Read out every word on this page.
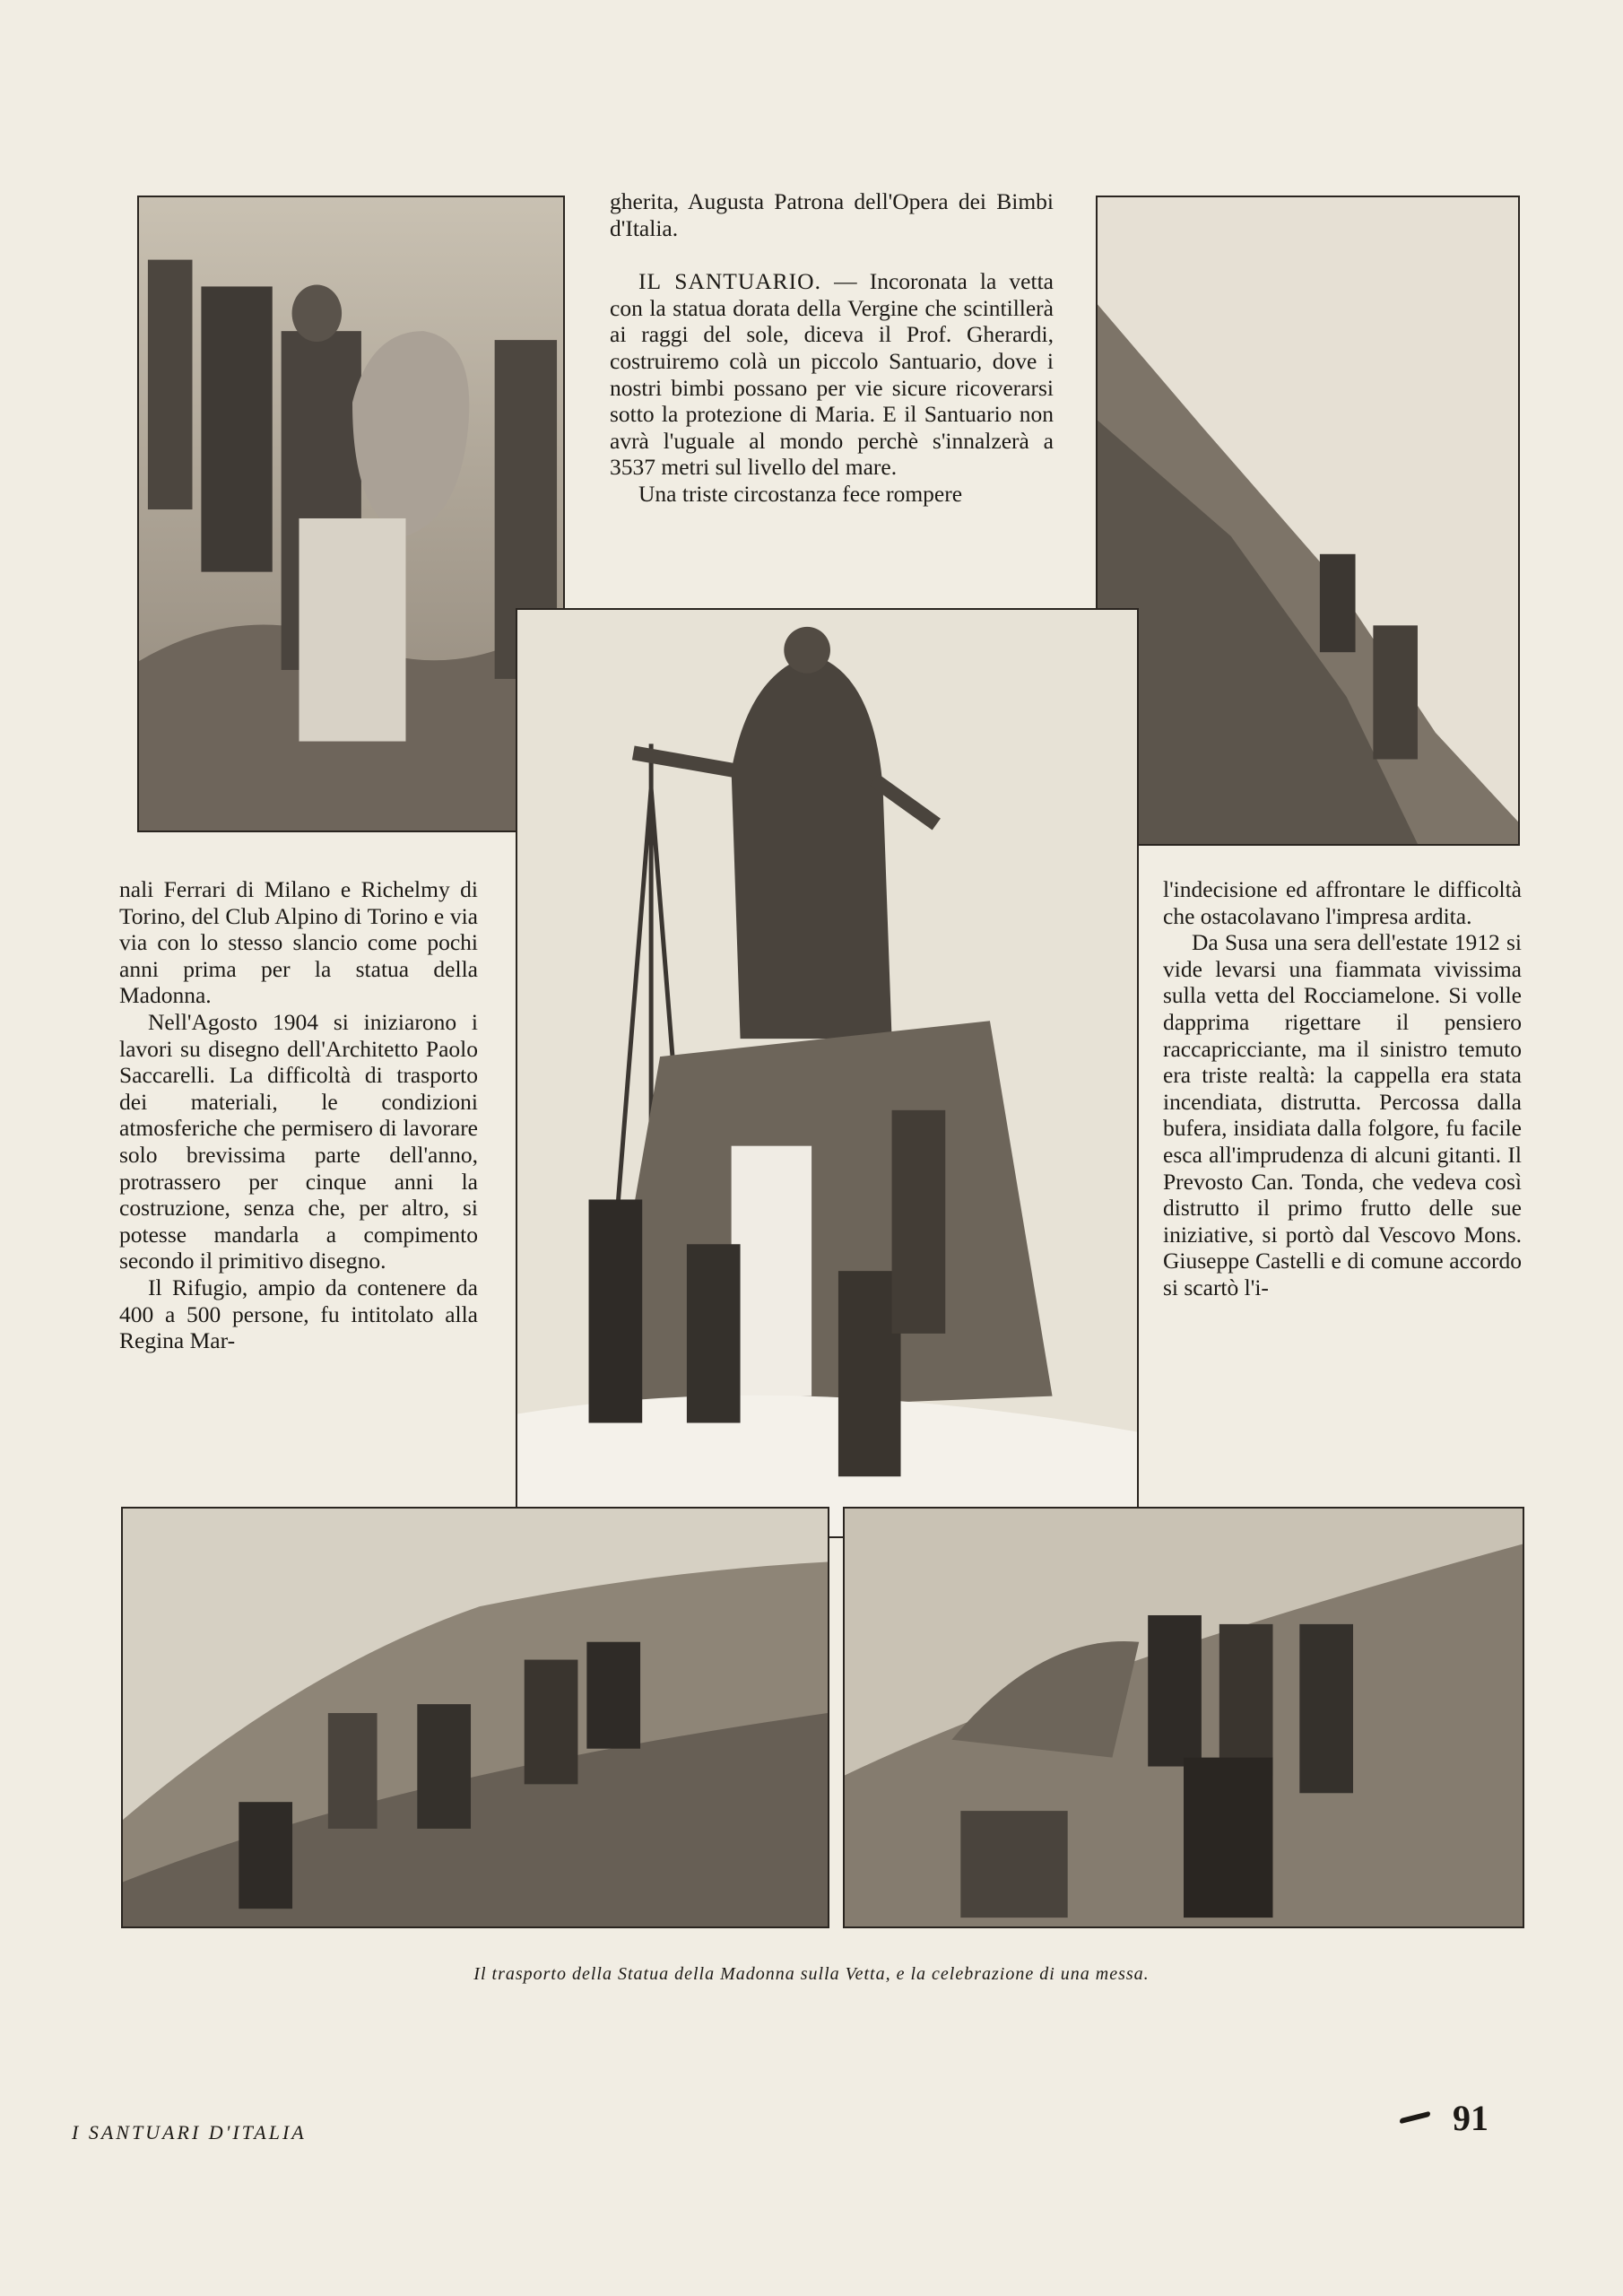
gherita, Augusta Patrona dell'Opera dei Bimbi d'Italia.

IL SANTUARIO. — Incoronata la vetta con la statua dorata della Vergine che scintillerà ai raggi del sole, diceva il Prof. Gherardi, costruiremo colà un piccolo Santuario, dove i nostri bimbi possano per vie sicure ricoverarsi sotto la protezione di Maria. E il Santuario non avrà l'uguale al mondo perchè s'innalzerà a 3537 metri sul livello del mare.

Una triste circostanza fece rompere

nali Ferrari di Milano e Richelmy di Torino, del Club Alpino di Torino e via via con lo stesso slancio come pochi anni prima per la statua della Madonna.

Nell'Agosto 1904 si iniziarono i lavori su disegno dell'Architetto Paolo Saccarelli. La difficoltà di trasporto dei materiali, le condizioni atmosferiche che permisero di lavorare solo brevissima parte dell'anno, protrassero per cinque anni la costruzione, senza che, per altro, si potesse mandarla a compimento secondo il primitivo disegno.

Il Rifugio, ampio da contenere da 400 a 500 persone, fu intitolato alla Regina Mar-

l'indecisione ed affrontare le difficoltà che ostacolavano l'impresa ardita.

Da Susa una sera dell'estate 1912 si vide levarsi una fiammata vivissima sulla vetta del Rocciamelone. Si volle dapprima rigettare il pensiero raccapricciante, ma il sinistro temuto era triste realtà: la cappella era stata incendiata, distrutta. Percossa dalla bufera, insidiata dalla folgore, fu facile esca all'imprudenza di alcuni gitanti. Il Prevosto Can. Tonda, che vedeva così distrutto il primo frutto delle sue iniziative, si portò dal Vescovo Mons. Giuseppe Castelli e di comune accordo si scartò l'i-

Il trasporto della Statua della Madonna sulla Vetta, e la celebrazione di una messa.
I SANTUARI D'ITALIA	91
